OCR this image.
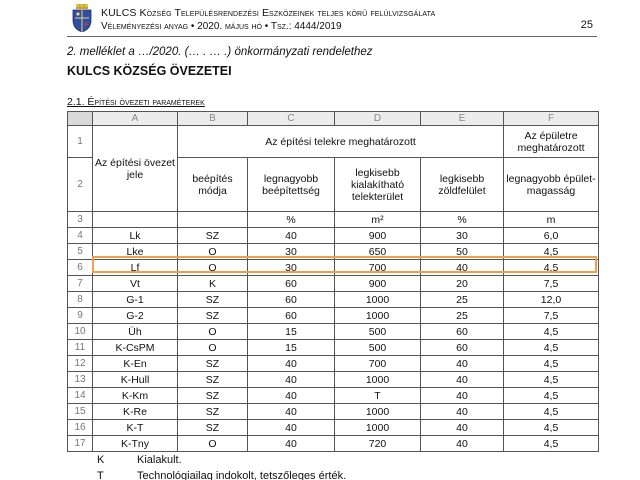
KULCS Község Településrendezési Eszközeinek teljes körű felülvizsgálata
Véleményezési anyag • 2020. május hó • Tsz.: 4444/2019	25
2. melléklet a …/2020. (… . … .) önkormányzati rendelethez
KULCS KÖZSÉG ÖVEZETEI
2.1. Építési övezeti paraméterek
	A	B	C	D	E	F
1	Az építési övezet jele	Az építési telekre meghatározott				Az épületre meghatározott
2		beépítés módja	legnagyobb beépítettség	legkisebb kialakítható telekterület	legkisebb zöldfelület	legnagyobb épület-magasság
3			%	m²	%	m
4	Lk	SZ	40	900	30	6,0
5	Lke	O	30	650	50	4,5
6	Lf	O	30	700	40	4,5
7	Vt	K	60	900	20	7,5
8	G-1	SZ	60	1000	25	12,0
9	G-2	SZ	60	1000	25	7,5
10	Üh	O	15	500	60	4,5
11	K-CsPM	O	15	500	60	4,5
12	K-En	SZ	40	700	40	4,5
13	K-Hull	SZ	40	1000	40	4,5
14	K-Km	SZ	40	T	40	4,5
15	K-Re	SZ	40	1000	40	4,5
16	K-T	SZ	40	1000	40	4,5
17	K-Tny	O	40	720	40	4,5
K	Kialakult.
T	Technológiailag indokolt, tetszőleges érték.
